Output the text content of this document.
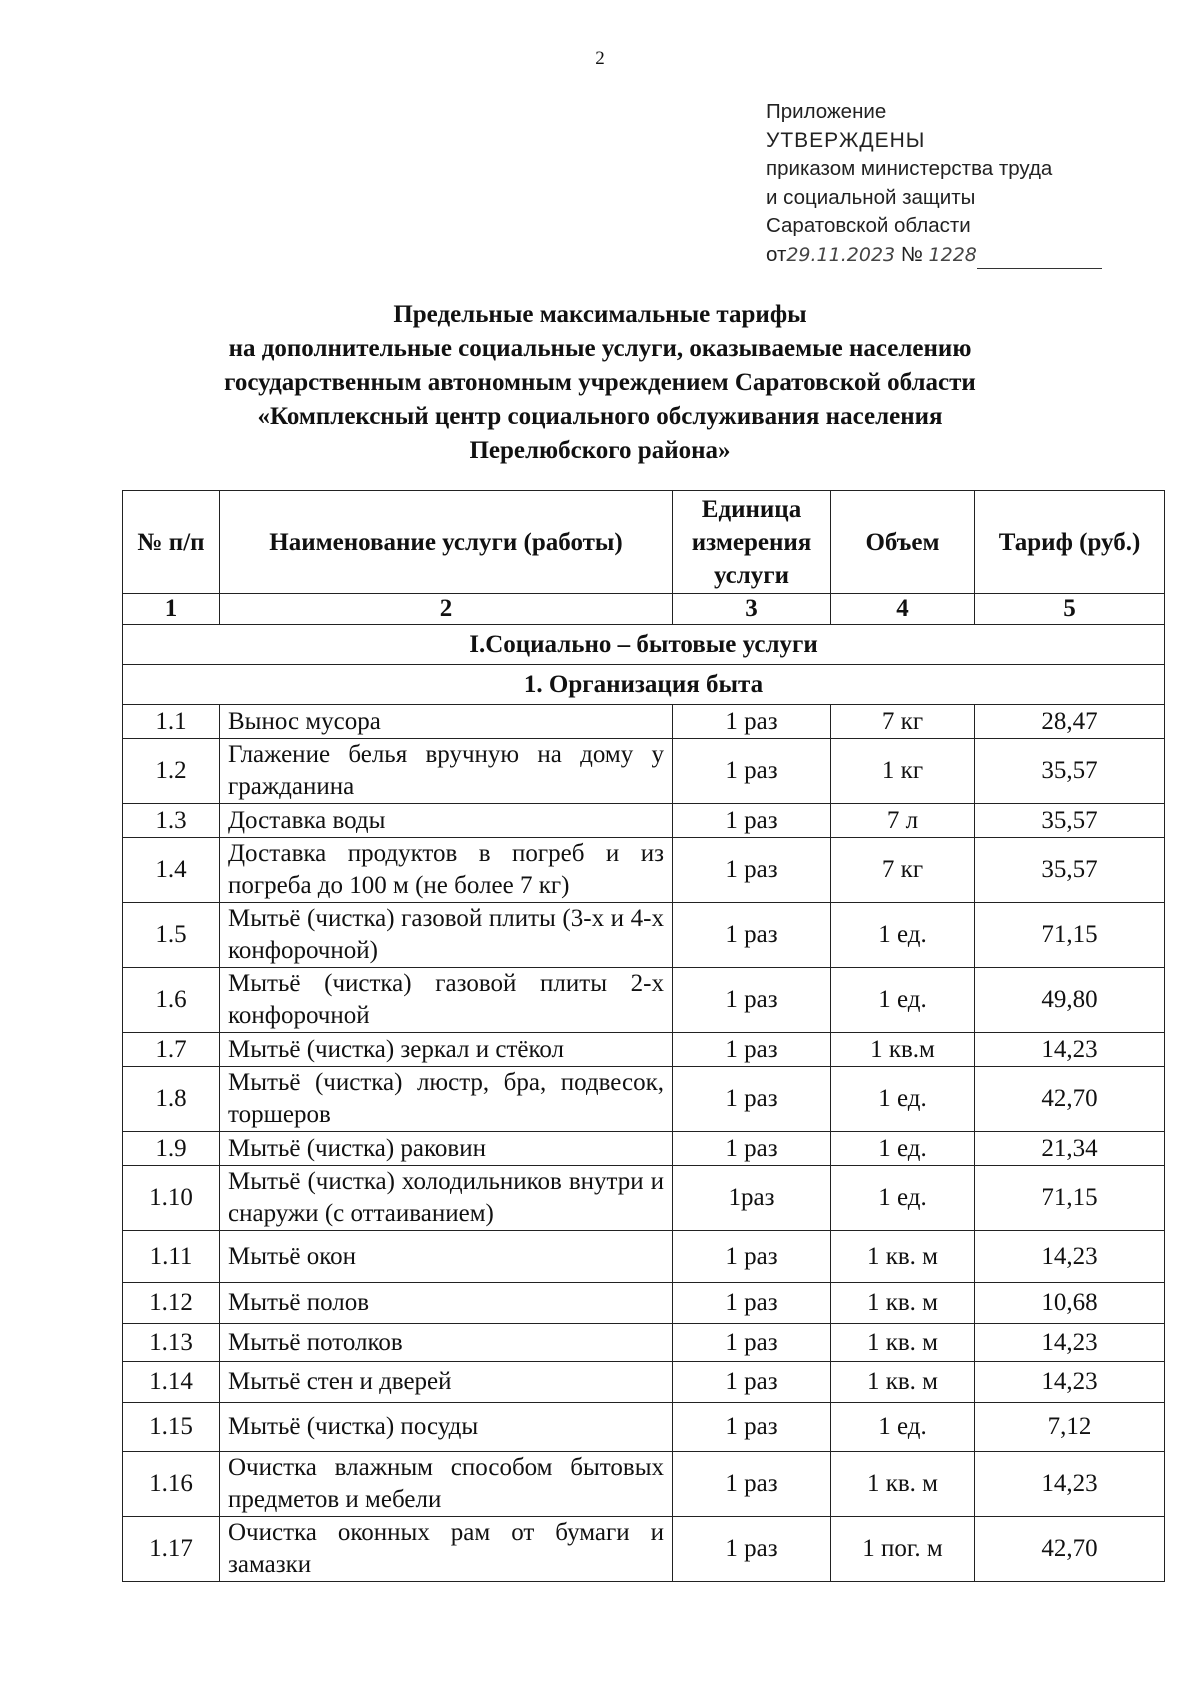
2
Приложение
УТВЕРЖДЕНЫ
приказом министерства труда
и социальной защиты
Саратовской области
от29.11.2023 № 1228
Предельные максимальные тарифы
на дополнительные социальные услуги, оказываемые населению
государственным автономным учреждением Саратовской области
«Комплексный центр социального обслуживания населения
Перелюбского района»
№ п/п	Наименование услуги (работы)	Единица измерения услуги	Объем	Тариф (руб.)
1	2	3	4	5
I.Социально – бытовые услуги				
1. Организация быта				
1.1	Вынос мусора	1 раз	7 кг	28,47
1.2	Глажение белья вручную на дому у гражданина	1 раз	1 кг	35,57
1.3	Доставка воды	1 раз	7 л	35,57
1.4	Доставка продуктов в погреб и из погреба до 100 м (не более 7 кг)	1 раз	7 кг	35,57
1.5	Мытьё (чистка) газовой плиты (3-х и 4-х конфорочной)	1 раз	1 ед.	71,15
1.6	Мытьё (чистка) газовой плиты 2-х конфорочной	1 раз	1 ед.	49,80
1.7	Мытьё (чистка) зеркал и стёкол	1 раз	1 кв.м	14,23
1.8	Мытьё (чистка) люстр, бра, подвесок, торшеров	1 раз	1 ед.	42,70
1.9	Мытьё (чистка) раковин	1 раз	1 ед.	21,34
1.10	Мытьё (чистка) холодильников внутри и снаружи (с оттаиванием)	1раз	1 ед.	71,15
1.11	Мытьё окон	1 раз	1 кв. м	14,23
1.12	Мытьё полов	1 раз	1 кв. м	10,68
1.13	Мытьё потолков	1 раз	1 кв. м	14,23
1.14	Мытьё стен и дверей	1 раз	1 кв. м	14,23
1.15	Мытьё (чистка) посуды	1 раз	1 ед.	7,12
1.16	Очистка влажным способом бытовых предметов и мебели	1 раз	1 кв. м	14,23
1.17	Очистка оконных рам от бумаги и замазки	1 раз	1 пог. м	42,70
